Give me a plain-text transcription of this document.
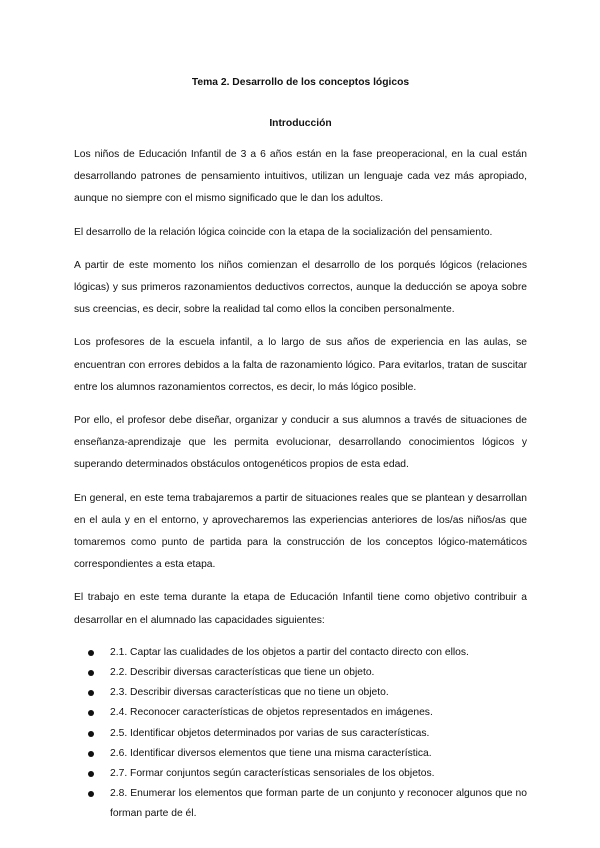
Tema 2. Desarrollo de los conceptos lógicos

Introducción

Los niños de Educación Infantil de 3 a 6 años están en la fase preoperacional, en la cual están desarrollando patrones de pensamiento intuitivos, utilizan un lenguaje cada vez más apropiado, aunque no siempre con el mismo significado que le dan los adultos.

El desarrollo de la relación lógica coincide con la etapa de la socialización del pensamiento.

A partir de este momento los niños comienzan el desarrollo de los porqués lógicos (relaciones lógicas) y sus primeros razonamientos deductivos correctos, aunque la deducción se apoya sobre sus creencias, es decir, sobre la realidad tal como ellos la conciben personalmente.

Los profesores de la escuela infantil, a lo largo de sus años de experiencia en las aulas, se encuentran con errores debidos a la falta de razonamiento lógico. Para evitarlos, tratan de suscitar entre los alumnos razonamientos correctos, es decir, lo más lógico posible.

Por ello, el profesor debe diseñar, organizar y conducir a sus alumnos a través de situaciones de enseñanza-aprendizaje que les permita evolucionar, desarrollando conocimientos lógicos y superando determinados obstáculos ontogenéticos propios de esta edad.

En general, en este tema trabajaremos a partir de situaciones reales que se plantean y desarrollan en el aula y en el entorno, y aprovecharemos las experiencias anteriores de los/as niños/as que tomaremos como punto de partida para la construcción de los conceptos lógico-matemáticos correspondientes a esta etapa.

El trabajo en este tema durante la etapa de Educación Infantil tiene como objetivo contribuir a desarrollar en el alumnado las capacidades siguientes:

2.1. Captar las cualidades de los objetos a partir del contacto directo con ellos.
2.2. Describir diversas características que tiene un objeto.
2.3. Describir diversas características que no tiene un objeto.
2.4. Reconocer características de objetos representados en imágenes.
2.5. Identificar objetos determinados por varias de sus características.
2.6. Identificar diversos elementos que tiene una misma característica.
2.7. Formar conjuntos según características sensoriales de los objetos.
2.8. Enumerar los elementos que forman parte de un conjunto y reconocer algunos que no forman parte de él.
